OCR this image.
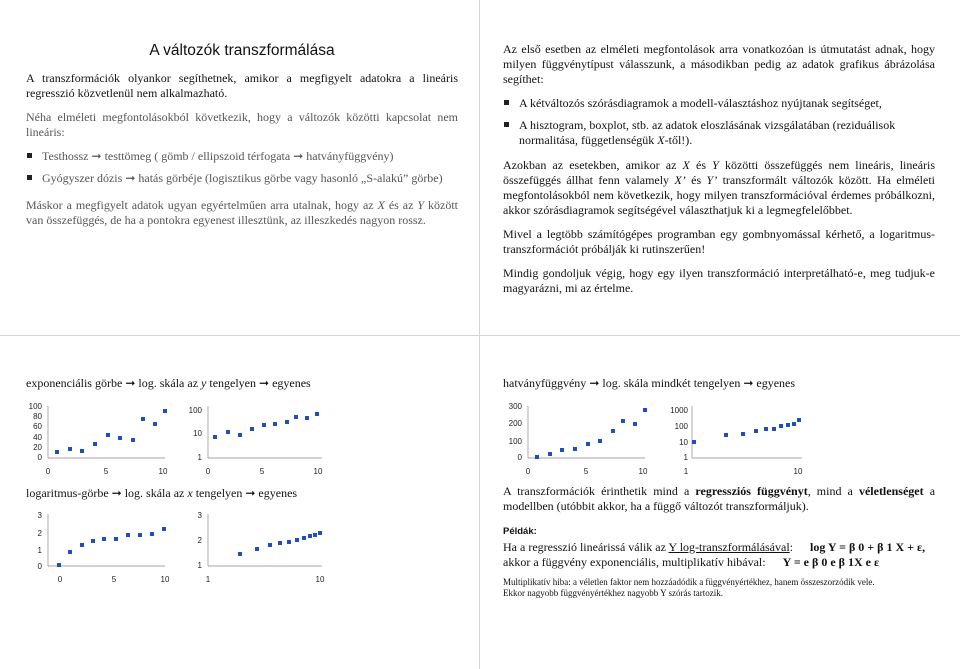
A változók transzformálása

A transzformációk olyankor segíthetnek, amikor a megfigyelt adatokra a lineáris regresszió közvetlenül nem alkalmazható.

Néha elméleti megfontolásokból következik, hogy a változók közötti kapcsolat nem lineáris:

Testhossz ➞ testtömeg ( gömb / ellipszoid térfogata ➞ hatványfüggvény)
Gyógyszer dózis ➞ hatás görbéje (logisztikus görbe vagy hasonló „S-alakú” görbe)

Máskor a megfigyelt adatok ugyan egyértelműen arra utalnak, hogy az X és az Y között van összefüggés, de ha a pontokra egyenest illesztünk, az illeszkedés nagyon rossz.

Az első esetben az elméleti megfontolások arra vonatkozóan is útmutatást adnak, hogy milyen függvénytípust válasszunk, a másodikban pedig az adatok grafikus ábrázolása segíthet:

A kétváltozós szórásdiagramok a modell-választáshoz nyújtanak segítséget,
A hisztogram, boxplot, stb. az adatok eloszlásának vizsgálatában (reziduálisok normalitása, függetlenségük X-től!).

Azokban az esetekben, amikor az X és Y közötti összefüggés nem lineáris, lineáris összefüggés állhat fenn valamely X’ és Y’ transzformált változók között. Ha elméleti megfontolásokból nem következik, hogy milyen transzformációval érdemes próbálkozni, akkor szórásdiagramok segítségével választhatjuk ki a legmegfelelőbbet.

Mivel a legtöbb számítógépes programban egy gombnyomással kérhető, a logaritmus-transzformációt próbálják ki rutinszerűen!

Mindig gondoljuk végig, hogy egy ilyen transzformáció interpretálható-e, meg tudjuk-e magyarázni, mi az értelme.

exponenciális görbe ➞ log. skála az y tengelyen ➞ egyenes
logaritmus-görbe ➞ log. skála az x tengelyen ➞ egyenes
100
80
60
40
20
0
0	5	10
100
10
1
0	5	10
3
2
1
0
0	5	10
3
2
1
1	10
hatványfüggvény ➞ log. skála mindkét tengelyen ➞ egyenes

A transzformációk érinthetik mind a regressziós függvényt, mind a véletlenséget a modellben (utóbbit akkor, ha a függő változót transzformáljuk).

Példák:

Ha a regresszió lineárissá válik az Y log-transzformálásával: log Y = β 0 + β 1 X + ε,

akkor a függvény exponenciális, multiplikatív hibával: Y = e β 0 e β 1X e ε

Multiplikatív hiba: a véletlen faktor nem hozzáadódik a függvényértékhez, hanem összeszorzódik vele.

Ekkor nagyobb függvényértékhez nagyobb Y szórás tartozik.

300
200
100
0
0	5	10
1000
100
10
1
1	10
